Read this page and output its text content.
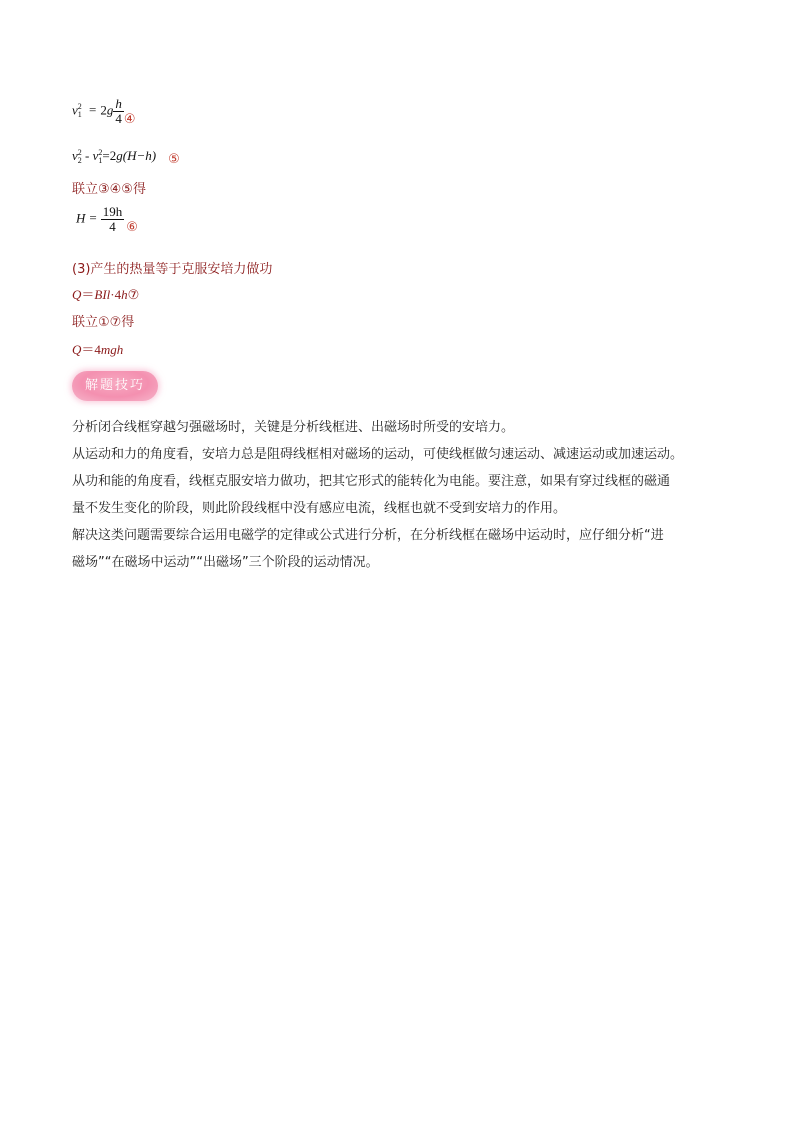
v 2
$1 = 2g \frac{h}{4}$ ④
v 2
2 - v 2
1 =2g(H−h) ⑤
联立③④⑤得
$H = \frac{19h}{4}$ ⑥
(3)产生的热量等于克服安培力做功
Q＝BIl·4h⑦
联立①⑦得
Q＝4mgh
解题技巧
分析闭合线框穿越匀强磁场时，关键是分析线框进、出磁场时所受的安培力。
从运动和力的角度看，安培力总是阻碍线框相对磁场的运动，可使线框做匀速运动、减速运动或加速运动。
从功和能的角度看，线框克服安培力做功，把其它形式的能转化为电能。要注意，如果有穿过线框的磁通
量不发生变化的阶段，则此阶段线框中没有感应电流，线框也就不受到安培力的作用。
解决这类问题需要综合运用电磁学的定律或公式进行分析，在分析线框在磁场中运动时，应仔细分析“进
磁场”“在磁场中运动”“出磁场”三个阶段的运动情况。
